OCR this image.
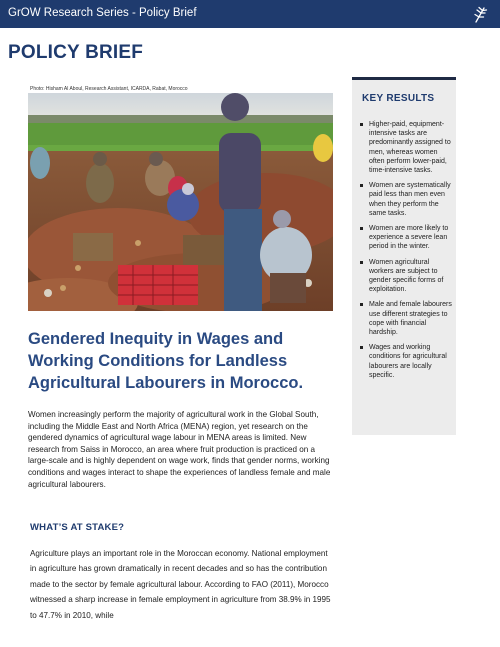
GrOW Research Series - Policy Brief
POLICY BRIEF
Photo: Hisham Al Aboul, Research Assistant, ICARDA, Rabat, Morocco
KEY RESULTS
Higher-paid, equipment-intensive tasks are predominantly assigned to men, whereas women often perform lower-paid, time-intensive tasks.
Women are systematically paid less than men even when they perform the same tasks.
Women are more likely to experience a severe lean period in the winter.
Women agricultural workers are subject to gender specific forms of exploitation.
Male and female labourers use different strategies to cope with financial hardship.
Wages and working conditions for agricultural labourers are locally specific.
Gendered Inequity in Wages and Working Conditions for Landless Agricultural Labourers in Morocco.

Women increasingly perform the majority of agricultural work in the Global South, including the Middle East and North Africa (MENA) region, yet research on the gendered dynamics of agricultural wage labour in MENA areas is limited. New research from Saiss in Morocco, an area where fruit production is practiced on a large-scale and is highly dependent on wage work, finds that gender norms, working conditions and wages interact to shape the experiences of landless female and male agricultural labourers.

WHAT’S AT STAKE?

Agriculture plays an important role in the Moroccan economy. National employment in agriculture has grown dramatically in recent decades and so has the contribution made to the sector by female agricultural labour. According to FAO (2011), Morocco witnessed a sharp increase in female employment in agriculture from 38.9% in 1995 to 47.7% in 2010, while
